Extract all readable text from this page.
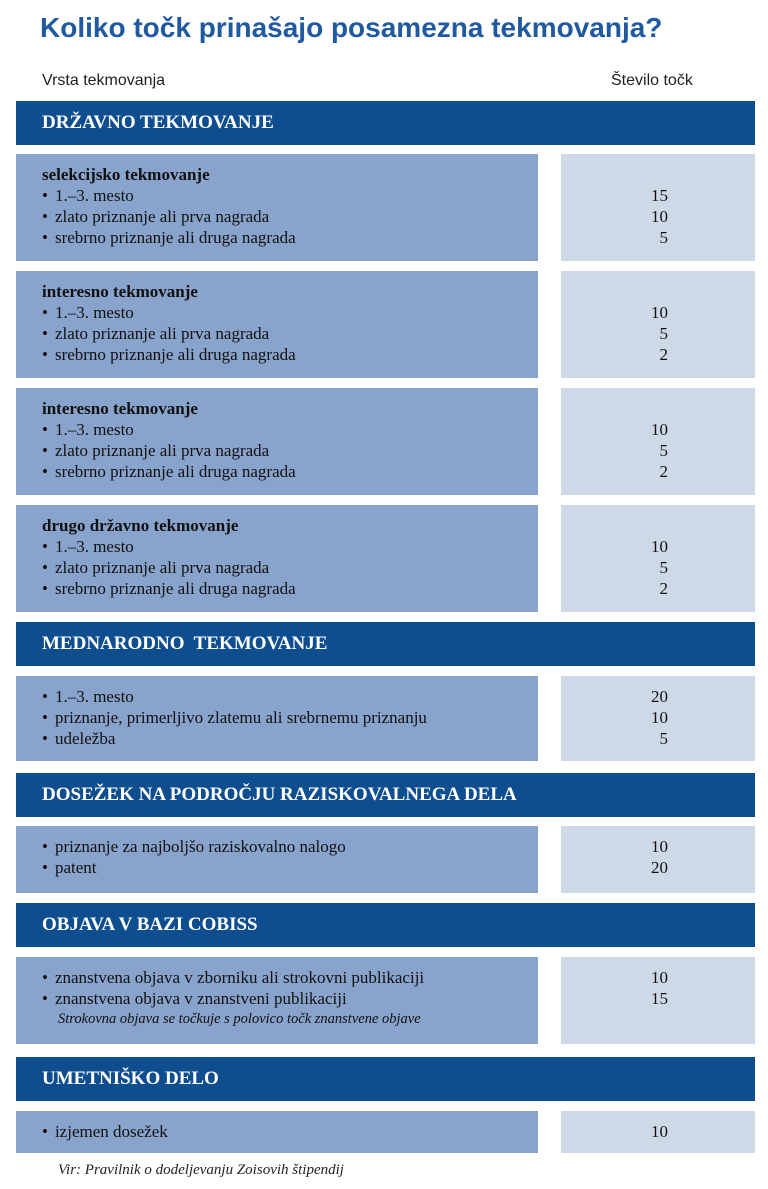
Koliko točk prinašajo posamezna tekmovanja?
Vrsta tekmovanja	Število točk
DRŽAVNO TEKMOVANJE
selekcijsko tekmovanje
• 1.–3. mesto
• zlato priznanje ali prva nagrada
• srebrno priznanje ali druga nagrada
15
10
5
interesno tekmovanje
• 1.–3. mesto
• zlato priznanje ali prva nagrada
• srebrno priznanje ali druga nagrada
10
5
2
interesno tekmovanje
• 1.–3. mesto
• zlato priznanje ali prva nagrada
• srebrno priznanje ali druga nagrada
10
5
2
drugo državno tekmovanje
• 1.–3. mesto
• zlato priznanje ali prva nagrada
• srebrno priznanje ali druga nagrada
10
5
2
MEDNARODNO  TEKMOVANJE
• 1.–3. mesto
• priznanje, primerljivo zlatemu ali srebrnemu priznanju
• udeležba
20
10
5
DOSEŽEK NA PODROČJU RAZISKOVALNEGA DELA
• priznanje za najboljšo raziskovalno nalogo
• patent
10
20
OBJAVA V BAZI COBISS
• znanstvena objava v zborniku ali strokovni publikaciji
• znanstvena objava v znanstveni publikaciji
Strokovna objava se točkuje s polovico točk znanstvene objave
10
15
UMETNIŠKO DELO
• izjemen dosežek	10
Vir: Pravilnik o dodeljevanju Zoisovih štipendij
